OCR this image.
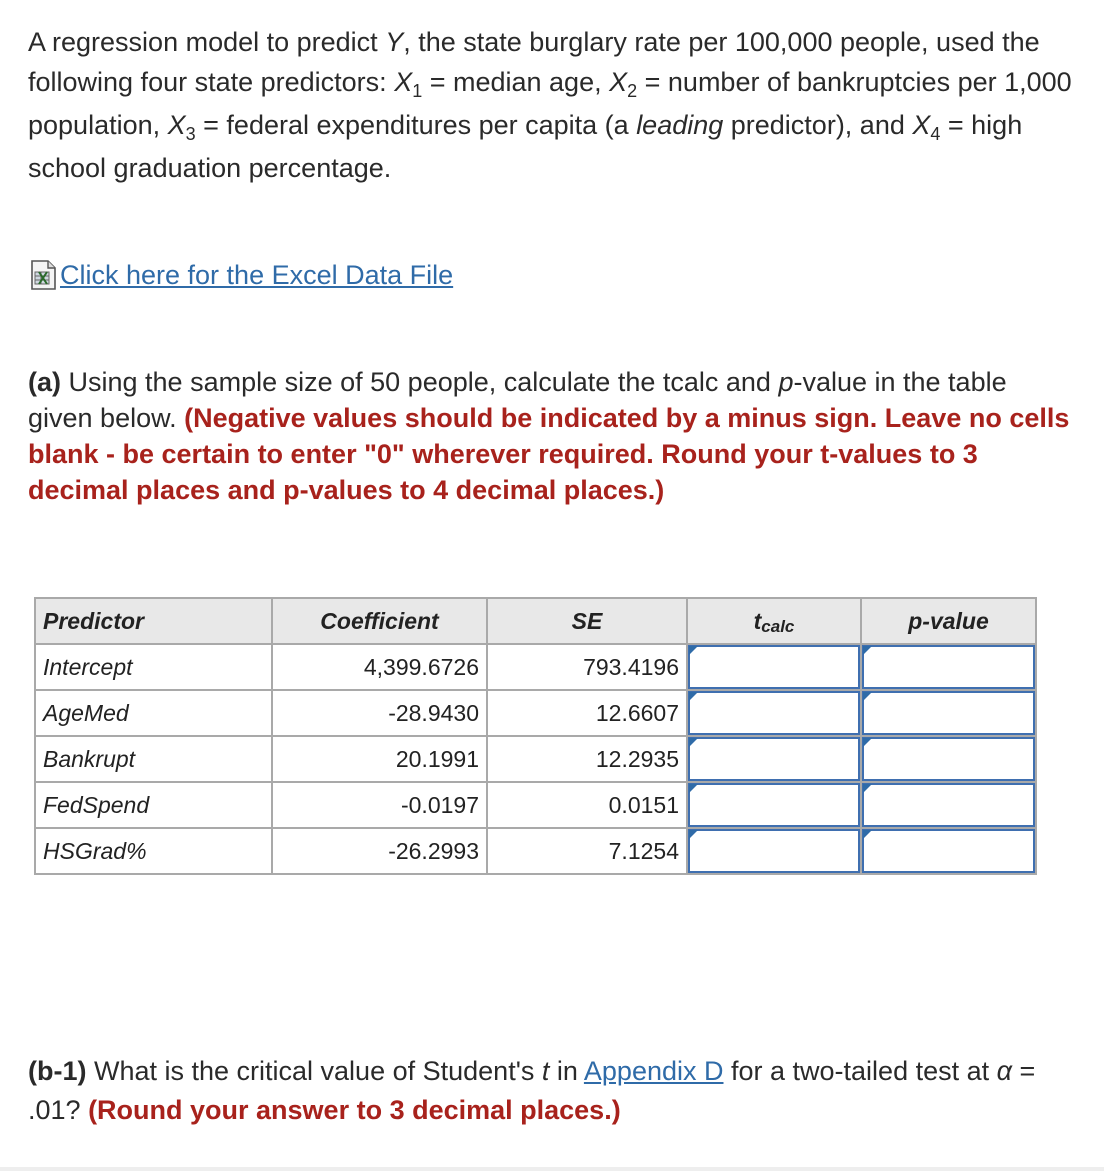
A regression model to predict Y, the state burglary rate per 100,000 people, used the following four state predictors: $X_1$ = median age, $X_2$ = number of bankruptcies per 1,000 population, $X_3$ = federal expenditures per capita (a leading predictor), and $X_4$ = high school graduation percentage.
Click here for the Excel Data File
(a) Using the sample size of 50 people, calculate the tcalc and p-value in the table given below. (Negative values should be indicated by a minus sign. Leave no cells blank - be certain to enter "0" wherever required. Round your t-values to 3 decimal places and p-values to 4 decimal places.)
Predictor	Coefficient	SE	tcalc	p-value
Intercept	4,399.6726	793.4196	

AgeMed	-28.9430	12.6607	

Bankrupt	20.1991	12.2935	

FedSpend	-0.0197	0.0151	

HSGrad%	-26.2993	7.1254	

(b-1) What is the critical value of Student's t in Appendix D for a two-tailed test at α = .01? (Round your answer to 3 decimal places.)
